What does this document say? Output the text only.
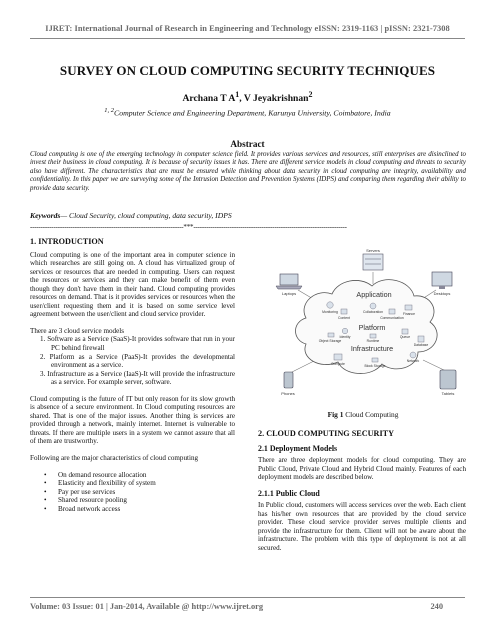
IJRET: International Journal of Research in Engineering and Technology eISSN: 2319-1163 | pISSN: 2321-7308
SURVEY ON CLOUD COMPUTING SECURITY TECHNIQUES
Archana T $A^1$, V Jeyakrishnan$^2$
$^{1, 2}$Computer Science and Engineering Department, Karunya University, Coimbatore, India
Abstract
Cloud computing is one of the emerging technology in computer science field. It provides various services and resources, still enterprises are disinclined to invest their business in cloud computing. It is because of security issues it has. There are different service models in cloud computing and threats to security also have different. The characteristics that are must be ensured while thinking about data security in cloud computing are integrity, availability and confidentiality. In this paper we are surveying some of the Intrusion Detection and Prevention Systems (IDPS) and comparing them regarding their ability to provide data security.
Keywords— Cloud Security, cloud computing, data security, IDPS
------------------------------------------------------------------------***------------------------------------------------------------------------
1. INTRODUCTION

Cloud computing is one of the important area in computer science in which researches are still going on. A cloud has virtualized group of services or resources that are needed in computing. Users can request the resources or services and they can make benefit of them even though they don't have them in their hand. Cloud computing provides resources on demand. That is it provides services or resources when the user/client requesting them and it is based on some service level agreement between the user/client and cloud service provider.

There are 3 cloud service models
1. Software as a Service (SaaS)-It provides software that run in your PC behind firewall
2. Platform as a Service (PaaS)-It provides the developmental environment as a service.
3. Infrastructure as a Service (IaaS)-It will provide the infrastructure as a service. For example server, software.

Cloud computing is the future of IT but only reason for its slow growth is absence of a secure environment. In Cloud computing resources are shared. That is one of the major issues. Another thing is services are provided through a network, mainly internet. Internet is vulnerable to threats. If there are multiple users in a system we cannot assure that all of them are trustworthy.

Following are the major characteristics of cloud computing

• On demand resource allocation
• Elasticity and flexibility of system
• Pay per use services
• Shared resource pooling
• Broad network access
Servers
Laptops	Desktops
Phones	Tablets
Application
Platform
Infrastructure
Monitoring
Content
Collaboration
Communication
Finance
Identity
Runtime
Queue
Object Storage
Database
Compute	Block Storage
Network
Fig 1 Cloud Computing
2. CLOUD COMPUTING SECURITY
2.1 Deployment Models

There are three deployment models for cloud computing. They are Public Cloud, Private Cloud and Hybrid Cloud mainly. Features of each deployment models are described below.

2.1.1 Public Cloud

In Public cloud, customers will access services over the web. Each client has his/her own resources that are provided by the cloud service provider. These cloud service provider serves multiple clients and provide the infrastructure for them. Client will not be aware about the infrastructure. The problem with this type of deployment is not at all secured.

Volume: 03 Issue: 01 | Jan-2014, Available @ http://www.ijret.org	240
